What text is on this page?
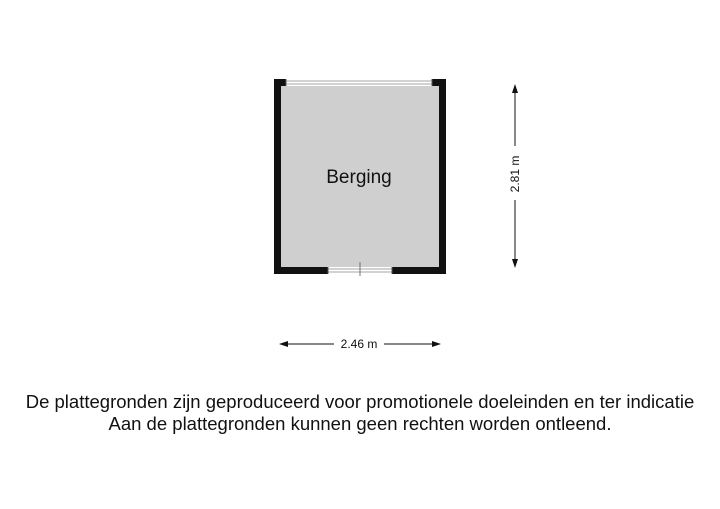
Berging	2.81 m
2.46 m
De plattegronden zijn geproduceerd voor promotionele doeleinden en ter indicatie
Aan de plattegronden kunnen geen rechten worden ontleend.
